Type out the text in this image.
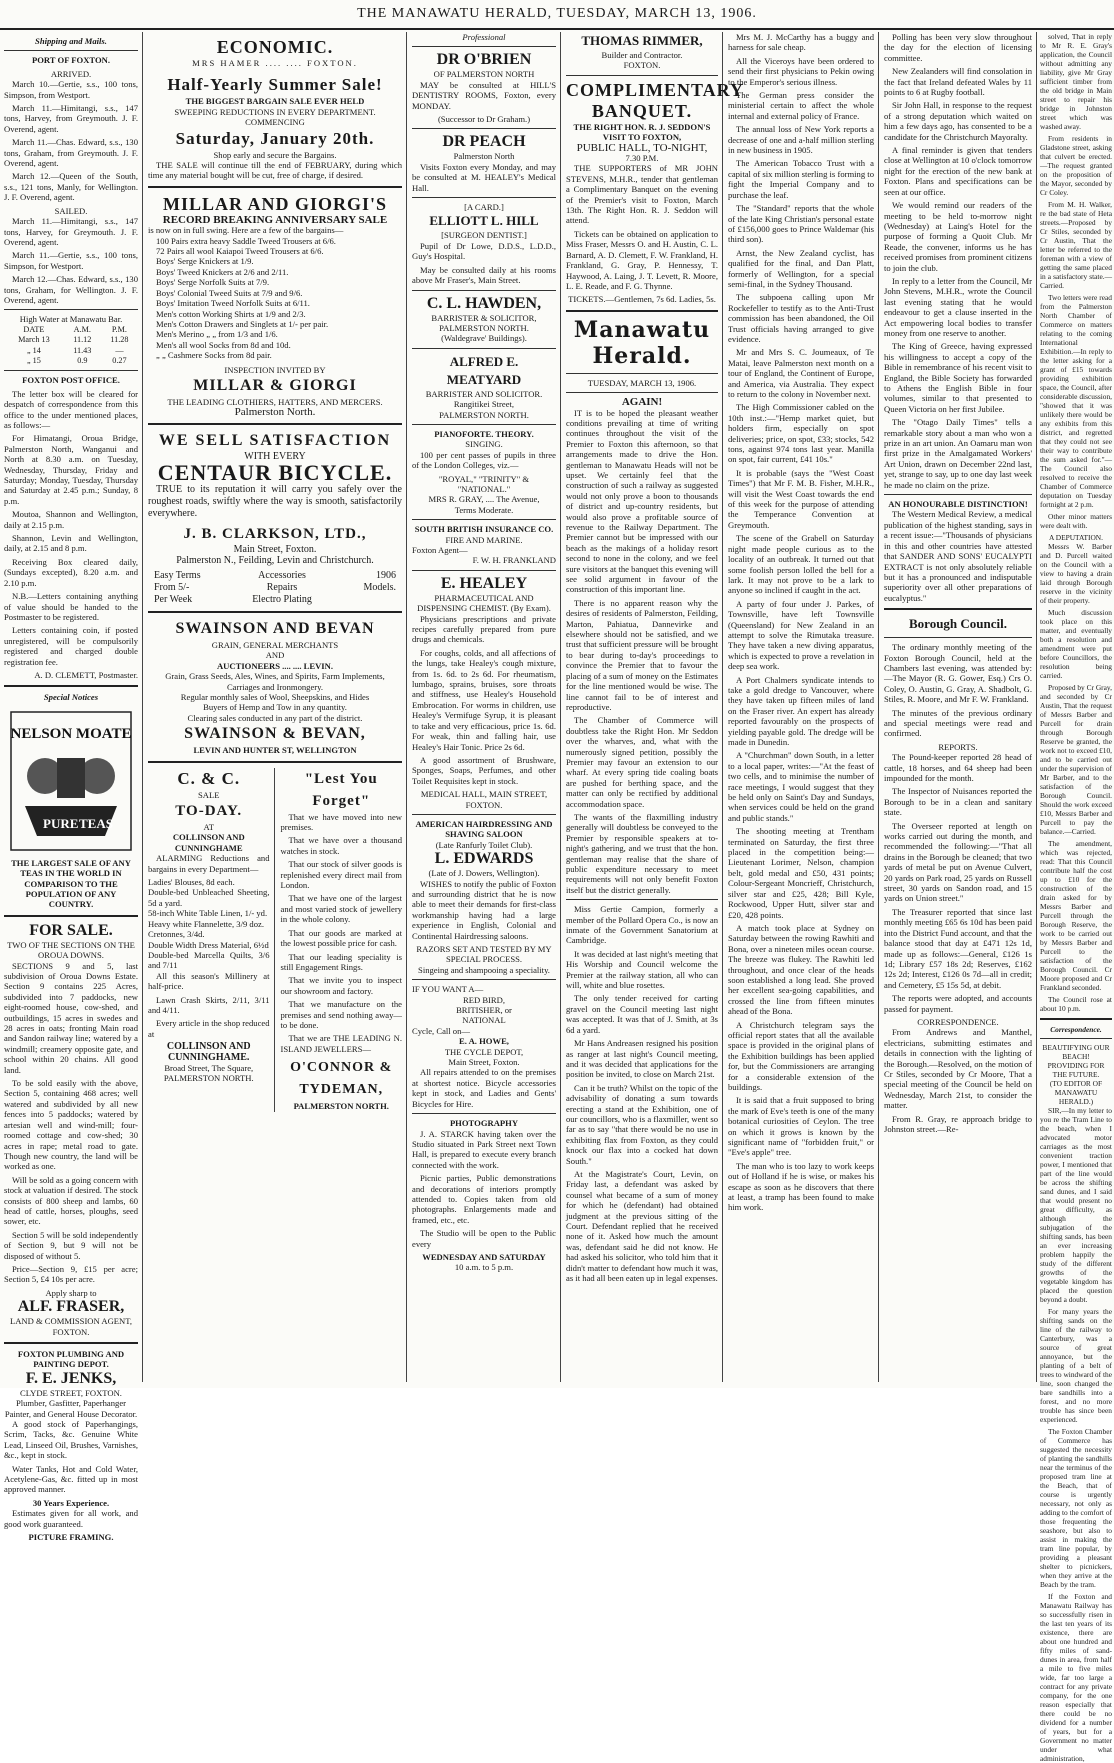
THE MANAWATU HERALD, TUESDAY, MARCH 13, 1906.
Shipping and Mails.
PORT OF FOXTON.
ARRIVED.

March 10.—Gertie, s.s., 100 tons, Simpson, from Westport.

March 11.—Himitangi, s.s., 147 tons, Harvey, from Greymouth. J. F. Overend, agent.

March 11.—Chas. Edward, s.s., 130 tons, Graham, from Greymouth. J. F. Overend, agent.

March 12.—Queen of the South, s.s., 121 tons, Manly, for Wellington. J. F. Overend, agent.

SAILED.

March 11.—Himitangi, s.s., 147 tons, Harvey, for Greymouth. J. F. Overend, agent.

March 11.—Gertie, s.s., 100 tons, Simpson, for Westport.

March 12.—Chas. Edward, s.s., 130 tons, Graham, for Wellington. J. F. Overend, agent.

High Water at Manawatu Bar.
DATE	A.M.	P.M.
March 13	11.12	11.28
„ 14	11.43	—
„ 15	0.9	0.27
FOXTON POST OFFICE.

The letter box will be cleared for despatch of correspondence from this office to the under mentioned places, as follows:—

For Himatangi, Oroua Bridge, Palmerston North, Wanganui and North at 8.30 a.m. on Tuesday, Wednesday, Thursday, Friday and Saturday; Monday, Tuesday, Thursday and Saturday at 2.45 p.m.; Sunday, 8 p.m.

Moutoa, Shannon and Wellington, daily at 2.15 p.m.

Shannon, Levin and Wellington, daily, at 2.15 and 8 p.m.

Receiving Box cleared daily, (Sundays excepted), 8.20 a.m. and 2.10 p.m.

N.B.—Letters containing anything of value should be handed to the Postmaster to be registered.

Letters containing coin, if posted unregistered, will be compulsorily registered and charged double registration fee.

A. D. CLEMETT, Postmaster.
Special Notices
NELSON MOATE
PURE TEAS
THE LARGEST SALE OF ANY TEAS IN THE WORLD IN COMPARISON TO THE POPULATION OF ANY COUNTRY.
FOR SALE.
TWO OF THE SECTIONS ON THE OROUA DOWNS.

SECTIONS 9 and 5, last subdivision of Oroua Downs Estate. Section 9 contains 225 Acres, subdivided into 7 paddocks, new eight-roomed house, cow-shed, and outbuildings, 15 acres in swedes and 28 acres in oats; fronting Main road and Sandon railway line; watered by a windmill; creamery opposite gate, and school within 20 chains. All good land.

To be sold easily with the above, Section 5, containing 468 acres; well watered and subdivided by all new fences into 5 paddocks; watered by artesian well and wind-mill; four-roomed cottage and cow-shed; 30 acres in rape; metal road to gate. Though new country, the land will be worked as one.

Will be sold as a going concern with stock at valuation if desired. The stock consists of 800 sheep and lambs, 60 head of cattle, horses, ploughs, seed sower, etc.

Section 5 will be sold independently of Section 9, but 9 will not be disposed of without 5.

Price—Section 9, £15 per acre; Section 5, £4 10s per acre.

Apply sharp to
ALF. FRASER,
LAND & COMMISSION AGENT, FOXTON.
FOXTON PLUMBING AND PAINTING DEPOT.
F. E. JENKS,
CLYDE STREET, FOXTON.
Plumber, Gasfitter, Paperhanger Painter, and General House Decorator.

A good stock of Paperhangings, Scrim, Tacks, &c. Genuine White Lead, Linseed Oil, Brushes, Varnishes, &c., kept in stock.

Water Tanks, Hot and Cold Water, Acetylene-Gas, &c. fitted up in most approved manner.

30 Years Experience.

Estimates given for all work, and good work guaranteed.

PICTURE FRAMING.
ECONOMIC.
MRS HAMER .... .... FOXTON.
Half-Yearly Summer Sale!
THE BIGGEST BARGAIN SALE EVER HELD
SWEEPING REDUCTIONS IN EVERY DEPARTMENT.
COMMENCING
Saturday, January 20th.
Shop early and secure the Bargains.

THE SALE will continue till the end of FEBRUARY, during which time any material bought will be cut, free of charge, if desired.

MILLAR AND GIORGI'S
RECORD BREAKING ANNIVERSARY SALE
is now on in full swing. Here are a few of the bargains—
100 Pairs extra heavy Saddle Tweed Trousers at 6/6.
72 Pairs all wool Kaiapoi Tweed Trousers at 6/6.
Boys' Serge Knickers at 1/9.
Boys' Tweed Knickers at 2/6 and 2/11.
Boys' Serge Norfolk Suits at 7/9.
Boys' Colonial Tweed Suits at 7/9 and 9/6.
Boys' Imitation Tweed Norfolk Suits at 6/11.
Men's cotton Working Shirts at 1/9 and 2/3.
Men's Cotton Drawers and Singlets at 1/- per pair.
Men's Merino „ „ from 1/3 and 1/6.
Men's all wool Socks from 8d and 10d.
„ „ Cashmere Socks from 8d pair.
INSPECTION INVITED BY
MILLAR & GIORGI
THE LEADING CLOTHIERS, HATTERS, AND MERCERS.
Palmerston North.
WE SELL SATISFACTION
WITH EVERY
CENTAUR BICYCLE.

TRUE to its reputation it will carry you safely over the roughest roads, swiftly where the way is smooth, satisfactorily everywhere.

J. B. CLARKSON, LTD.,
Main Street, Foxton.
Palmerston N., Feilding, Levin and Christchurch.
Easy Terms
From 5/-
Per Week
Accessories
Repairs
Electro Plating
1906
Models.
SWAINSON AND BEVAN
GRAIN, GENERAL MERCHANTS
AND
AUCTIONEERS .... .... LEVIN.
Grain, Grass Seeds, Ales, Wines, and Spirits, Farm Implements, Carriages and Ironmongery.
Regular monthly sales of Wool, Sheepskins, and Hides
Buyers of Hemp and Tow in any quantity.
Clearing sales conducted in any part of the district.
SWAINSON & BEVAN,
LEVIN AND HUNTER ST, WELLINGTON
C. & C.
SALE
TO-DAY.
AT
COLLINSON AND CUNNINGHAME

ALARMING Reductions and bargains in every Department—

Ladies' Blouses, 8d each.
Double-bed Unbleached Sheeting, 5d a yard.
58-inch White Table Linen, 1/- yd.
Heavy white Flannelette, 3/9 doz.
Cretonnes, 3/4d.
Double Width Dress Material, 6½d
Double-bed Marcella Quilts, 3/6 and 7/11

All this season's Millinery at half-price.

Lawn Crash Skirts, 2/11, 3/11 and 4/11.

Every article in the shop reduced at

COLLINSON AND CUNNINGHAME.
Broad Street, The Square,
PALMERSTON NORTH.
"Lest You Forget"

That we have moved into new premises.

That we have over a thousand watches in stock.

That our stock of silver goods is replenished every direct mail from London.

That we have one of the largest and most varied stock of jewellery in the whole colony.

That our goods are marked at the lowest possible price for cash.

That our leading speciality is still Engagement Rings.

That we invite you to inspect our showroom and factory.

That we manufacture on the premises and send nothing away—to be done.

That we are THE LEADING N. ISLAND JEWELLERS—

O'CONNOR & TYDEMAN,
PALMERSTON NORTH.
Professional
DR O'BRIEN
OF PALMERSTON NORTH

MAY be consulted at HILL'S DENTISTRY ROOMS, Foxton, every MONDAY.

(Successor to Dr Graham.)
DR PEACH
Palmerston North

Visits Foxton every Monday, and may be consulted at M. HEALEY's Medical Hall.

[A CARD.]
ELLIOTT L. HILL
[SURGEON DENTIST.]

Pupil of Dr Lowe, D.D.S., L.D.D., Guy's Hospital.

May be consulted daily at his rooms above Mr Fraser's, Main Street.

C. L. HAWDEN,
BARRISTER & SOLICITOR,
PALMERSTON NORTH.
(Waldegrave' Buildings).
ALFRED E. MEATYARD
BARRISTER AND SOLICITOR.
Rangitikei Street,
PALMERSTON NORTH.
PIANOFORTE. THEORY.
SINGING.

100 per cent passes of pupils in three of the London Colleges, viz.—

"ROYAL," "TRINITY" & "NATIONAL."
MRS R. GRAY, .... The Avenue,
Terms Moderate.
SOUTH BRITISH INSURANCE CO.
FIRE AND MARINE.
Foxton Agent—
F. W. H. FRANKLAND
E. HEALEY
PHARMACEUTICAL AND DISPENSING CHEMIST. (By Exam).

Physicians prescriptions and private recipes carefully prepared from pure drugs and chemicals.

For coughs, colds, and all affections of the lungs, take Healey's cough mixture, from 1s. 6d. to 2s 6d. For rheumatism, lumbago, sprains, bruises, sore throats and stiffness, use Healey's Household Embrocation. For worms in children, use Healey's Vermifuge Syrup, it is pleasant to take and very efficacious, price 1s. 6d. For weak, thin and falling hair, use Healey's Hair Tonic. Price 2s 6d.

A good assortment of Brushware, Sponges, Soaps, Perfumes, and other Toilet Requisites kept in stock.

MEDICAL HALL, MAIN STREET, FOXTON.
AMERICAN HAIRDRESSING AND SHAVING SALOON
(Late Ranfurly Toilet Club).
L. EDWARDS
(Late of J. Dowers, Wellington).

WISHES to notify the public of Foxton and surrounding district that he is now able to meet their demands for first-class workmanship having had a large experience in English, Colonial and Continental Hairdressing saloons.

RAZORS SET AND TESTED BY MY SPECIAL PROCESS.
Singeing and shampooing a speciality.
IF YOU WANT A—
RED BIRD,
BRITISHER, or
NATIONAL
Cycle, Call on—
E. A. HOWE,
THE CYCLE DEPOT,
Main Street, Foxton.

All repairs attended to on the premises at shortest notice. Bicycle accessories kept in stock, and Ladies and Gents' Bicycles for Hire.

PHOTOGRAPHY

J. A. STARCK having taken over the Studio situated in Park Street next Town Hall, is prepared to execute every branch connected with the work.

Picnic parties, Public demonstrations and decorations of interiors promptly attended to. Copies taken from old photographs. Enlargements made and framed, etc., etc.

The Studio will be open to the Public every

WEDNESDAY AND SATURDAY
10 a.m. to 5 p.m.
THOMAS RIMMER,
Builder and Contractor.
FOXTON.
COMPLIMENTARY BANQUET.
THE RIGHT HON. R. J. SEDDON'S VISIT TO FOXTON,
PUBLIC HALL, TO-NIGHT,
7.30 P.M.

THE SUPPORTERS of MR JOHN STEVENS, M.H.R., tender that gentleman a Complimentary Banquet on the evening of the Premier's visit to Foxton, March 13th. The Right Hon. R. J. Seddon will attend.

Tickets can be obtained on application to Miss Fraser, Messrs O. and H. Austin, C. L. Barnard, A. D. Clemett, F. W. Frankland, H. Frankland, G. Gray, P. Hennessy, T. Haywood, A. Laing, J. T. Levett, R. Moore, L. E. Reade, and F. G. Thynne.

TICKETS.—Gentlemen, 7s 6d. Ladies, 5s.
Manawatu Herald.
TUESDAY, MARCH 13, 1906.
AGAIN!

IT is to be hoped the pleasant weather conditions prevailing at time of writing continues throughout the visit of the Premier to Foxton this afternoon, so that arrangements made to drive the Hon. gentleman to Manawatu Heads will not be upset. We certainly feel that the construction of such a railway as suggested would not only prove a boon to thousands of district and up-country residents, but would also prove a profitable source of revenue to the Railway Department. The Premier cannot but be impressed with our beach as the makings of a holiday resort second to none in the colony, and we feel sure visitors at the banquet this evening will see solid argument in favour of the construction of this important line.

There is no apparent reason why the desires of residents of Palmerston, Feilding, Marton, Pahiatua, Dannevirke and elsewhere should not be satisfied, and we trust that sufficient pressure will be brought to bear during to-day's proceedings to convince the Premier that to favour the placing of a sum of money on the Estimates for the line mentioned would be wise. The line cannot fail to be of interest and reproductive.

The Chamber of Commerce will doubtless take the Right Hon. Mr Seddon over the wharves, and, what with the numerously signed petition, possibly the Premier may favour an extension to our wharf. At every spring tide coaling boats are pushed for berthing space, and the matter can only be rectified by additional accommodation space.

The wants of the flaxmilling industry generally will doubtless be conveyed to the Premier by responsible speakers at to-night's gathering, and we trust that the hon. gentleman may realise that the share of public expenditure necessary to meet requirements will not only benefit Foxton itself but the district generally.

Miss Gertie Campion, formerly a member of the Pollard Opera Co., is now an inmate of the Government Sanatorium at Cambridge.

It was decided at last night's meeting that His Worship and Council welcome the Premier at the railway station, all who can will, white and blue rosettes.

The only tender received for carting gravel on the Council meeting last night was accepted. It was that of J. Smith, at 3s 6d a yard.

Mr Hans Andreasen resigned his position as ranger at last night's Council meeting, and it was decided that applications for the position be invited, to close on March 21st.

Can it be truth? Whilst on the topic of the advisability of donating a sum towards erecting a stand at the Exhibition, one of our councillors, who is a flaxmiller, went so far as to say "that there would be no use in exhibiting flax from Foxton, as they could knock our flax into a cocked hat down South."

At the Magistrate's Court, Levin, on Friday last, a defendant was asked by counsel what became of a sum of money for which he (defendant) had obtained judgment at the previous sitting of the Court. Defendant replied that he received none of it. Asked how much the amount was, defendant said he did not know. He had asked his solicitor, who told him that it didn't matter to defendant how much it was, as it had all been eaten up in legal expenses.

Mrs M. J. McCarthy has a buggy and harness for sale cheap.

All the Viceroys have been ordered to send their first physicians to Pekin owing to the Emperor's serious illness.

The German press consider the ministerial certain to affect the whole internal and external policy of France.

The annual loss of New York reports a decrease of one and a-half million sterling in new business in 1905.

The American Tobacco Trust with a capital of six million sterling is forming to fight the Imperial Company and to purchase the leaf.

The "Standard" reports that the whole of the late King Christian's personal estate of £156,000 goes to Prince Waldemar (his third son).

Arnst, the New Zealand cyclist, has qualified for the final, and Dan Platt, formerly of Wellington, for a special semi-final, in the Sydney Thousand.

The subpoena calling upon Mr Rockefeller to testify as to the Anti-Trust commission has been abandoned, the Oil Trust officials having arranged to give evidence.

Mr and Mrs S. C. Joumeaux, of Te Matai, leave Palmerston next month on a tour of England, the Continent of Europe, and America, via Australia. They expect to return to the colony in November next.

The High Commissioner cabled on the 10th inst.:—"Hemp market quiet, but holders firm, especially on spot deliveries; price, on spot, £33; stocks, 542 tons, against 974 tons last year. Manilla on spot, fair current, £41 10s."

It is probable (says the "West Coast Times") that Mr F. M. B. Fisher, M.H.R., will visit the West Coast towards the end of this week for the purpose of attending the Temperance Convention at Greymouth.

The scene of the Grabell on Saturday night made people curious as to the locality of an outbreak. It turned out that some foolish person lolled the bell for a lark. It may not prove to be a lark to anyone so inclined if caught in the act.

A party of four under J. Parkes, of Townsville, have left Townsville (Queensland) for New Zealand in an attempt to solve the Rimutaka treasure. They have taken a new diving apparatus, which is expected to prove a revelation in deep sea work.

A Port Chalmers syndicate intends to take a gold dredge to Vancouver, where they have taken up fifteen miles of land on the Fraser river. An expert has already reported favourably on the prospects of yielding payable gold. The dredge will be made in Dunedin.

A "Churchman" down South, in a letter to a local paper, writes:—"At the feast of two cells, and to minimise the number of race meetings, I would suggest that they be held only on Saint's Day and Sundays, when services could be held on the grand and public stands."

The shooting meeting at Trentham terminated on Saturday, the first three placed in the competition being:—Lieutenant Lorimer, Nelson, champion belt, gold medal and £50, 431 points; Colour-Sergeant Moncrieff, Christchurch, silver star and £25, 428; Bill Kyle, Rockwood, Upper Hutt, silver star and £20, 428 points.

A match took place at Sydney on Saturday between the rowing Rawhiti and Bona, over a nineteen miles ocean course. The breeze was flukey. The Rawhiti led throughout, and once clear of the heads soon established a long lead. She proved her excellent sea-going capabilities, and crossed the line from fifteen minutes ahead of the Bona.

A Christchurch telegram says the official report states that all the available space is provided in the original plans of the Exhibition buildings has been applied for, but the Commissioners are arranging for a considerable extension of the buildings.

It is said that a fruit supposed to bring the mark of Eve's teeth is one of the many botanical curiosities of Ceylon. The tree on which it grows is known by the significant name of "forbidden fruit," or "Eve's apple" tree.

The man who is too lazy to work keeps out of Holland if he is wise, or makes his escape as soon as he discovers that there at least, a tramp has been found to make him work.

Polling has been very slow throughout the day for the election of licensing committee.

New Zealanders will find consolation in the fact that Ireland defeated Wales by 11 points to 6 at Rugby football.

Sir John Hall, in response to the request of a strong deputation which waited on him a few days ago, has consented to be a candidate for the Christchurch Mayoralty.

A final reminder is given that tenders close at Wellington at 10 o'clock tomorrow night for the erection of the new bank at Foxton. Plans and specifications can be seen at our office.

We would remind our readers of the meeting to be held to-morrow night (Wednesday) at Laing's Hotel for the purpose of forming a Quoit Club. Mr Reade, the convener, informs us he has received promises from prominent citizens to join the club.

In reply to a letter from the Council, Mr John Stevens, M.H.R., wrote the Council last evening stating that he would endeavour to get a clause inserted in the Act empowering local bodies to transfer money from one reserve to another.

The King of Greece, having expressed his willingness to accept a copy of the Bible in remembrance of his recent visit to England, the Bible Society has forwarded to Athens the English Bible in four volumes, similar to that presented to Queen Victoria on her first Jubilee.

The "Otago Daily Times" tells a remarkable story about a man who won a prize in an art union. An Oamaru man won first prize in the Amalgamated Workers' Art Union, drawn on December 22nd last, yet, strange to say, up to one day last week he made no claim on the prize.

AN HONOURABLE DISTINCTION!

The Western Medical Review, a medical publication of the highest standing, says in a recent issue:—"Thousands of physicians in this and other countries have attested that SANDER AND SONS' EUCALYPTI EXTRACT is not only absolutely reliable but it has a pronounced and indisputable superiority over all other preparations of eucalyptus."

Borough Council.

The ordinary monthly meeting of the Foxton Borough Council, held at the Chambers last evening, was attended by:—The Mayor (R. G. Gower, Esq.) Crs O. Coley, O. Austin, G. Gray, A. Shadbolt, G. Stiles, R. Moore, and Mr F. W. Frankland.

The minutes of the previous ordinary and special meetings were read and confirmed.

REPORTS.

The Pound-keeper reported 28 head of cattle, 18 horses, and 64 sheep had been impounded for the month.

The Inspector of Nuisances reported the Borough to be in a clean and sanitary state.

The Overseer reported at length on works carried out during the month, and recommended the following:—"That all drains in the Borough be cleaned; that two yards of metal be put on Avenue Culvert, 20 yards on Park road, 25 yards on Russell street, 30 yards on Sandon road, and 15 yards on Union street."

The Treasurer reported that since last monthly meeting £65 6s 10d has been paid into the District Fund account, and that the balance stood that day at £471 12s 1d, made up as follows:—General, £126 1s 1d; Library £57 18s 2d; Reserves, £162 12s 2d; Interest, £126 0s 7d—all in credit; and Cemetery, £5 15s 5d, at debit.

The reports were adopted, and accounts passed for payment.

CORRESPONDENCE.

From Andrews and Manthel, electricians, submitting estimates and details in connection with the lighting of the Borough.—Resolved, on the motion of Cr Stiles, seconded by Cr Moore, That a special meeting of the Council be held on Wednesday, March 21st, to consider the matter.

From R. Gray, re approach bridge to Johnston street.—Re-

solved, That in reply to Mr R. E. Gray's application, the Council without admitting any liability, give Mr Gray sufficient timber from the old bridge in Main street to repair his bridge in Johnston street which was washed away.

From residents in Gladstone street, asking that culvert be erected.—The request granted on the proposition of the Mayor, seconded by Cr Coley.

From M. H. Walker, re the bad state of Heta streets.—Proposed by Cr Stiles, seconded by Cr Austin, That the letter be referred to the foreman with a view of getting the same placed in a satisfactory state.—Carried.

Two letters were read from the Palmerston North Chamber of Commerce on matters relating to the coming International Exhibition.—In reply to the letter asking for a grant of £15 towards providing exhibition space, the Council, after considerable discussion, "showed that it was unlikely there would be any exhibits from this district, and regretted that they could not see their way to contribute the sum asked for."—The Council also resolved to receive the Chamber of Commerce deputation on Tuesday fortnight at 2 p.m.

Other minor matters were dealt with.

A DEPUTATION.

Messrs W. Barber and D. Purcell waited on the Council with a view to having a drain laid through Borough reserve in the vicinity of their property.

Much discussion took place on this matter, and eventually both a resolution and amendment were put before Councillors, the resolution being carried.

Proposed by Cr Gray, and seconded by Cr Austin, That the request of Messrs Barber and Purcell for drain through Borough Reserve be granted, the work not to exceed £10, and to be carried out under the supervision of Mr Barber, and to the satisfaction of the Borough Council. Should the work exceed £10, Messrs Barber and Purcell to pay the balance.—Carried.

The amendment, which was rejected, read: That this Council contribute half the cost up to £10 for the construction of the drain asked for by Messrs Barber and Purcell through the Borough Reserve, the work to be carried out by Messrs Barber and Purcell to the satisfaction of the Borough Council. Cr Moore proposed and Cr Frankland seconded.

The Council rose at about 10 p.m.

Correspondence.
BEAUTIFYING OUR BEACH!
PROVIDING FOR THE FUTURE.
(TO EDITOR OF MANAWATU HERALD.)

SIR,—In my letter to you re the Tram Line to the beach, when I advocated motor carriages as the most convenient traction power, I mentioned that part of the line would be across the shifting sand dunes, and I said that would present no great difficulty, as although the subjugation of the shifting sands, has been an ever increasing problem happily the study of the different growths of the vegetable kingdom has placed the question beyond a doubt.

For many years the shifting sands on the line of the railway to Canterbury, was a source of great annoyance, but the planting of a belt of trees to windward of the line, soon changed the bare sandhills into a forest, and no more trouble has since been experienced.

The Foxton Chamber of Commerce has suggested the necessity of planting the sandhills near the terminus of the proposed tram line at the Beach, that of course is urgently necessary, not only as adding to the comfort of those frequenting the seashore, but also to assist in making the tram line popular, by providing a pleasant shelter to picnickers, when they arrive at the Beach by the tram.

If the Foxton and Manawatu Railway has so successfully risen in the last ten years of its existence, there are about one hundred and fifty miles of sand-dunes in area, from half a mile to five miles wide, far too large a contract for any private company, for the one reason especially that there could be no dividend for a number of years, but for a Government no matter under what administration,
